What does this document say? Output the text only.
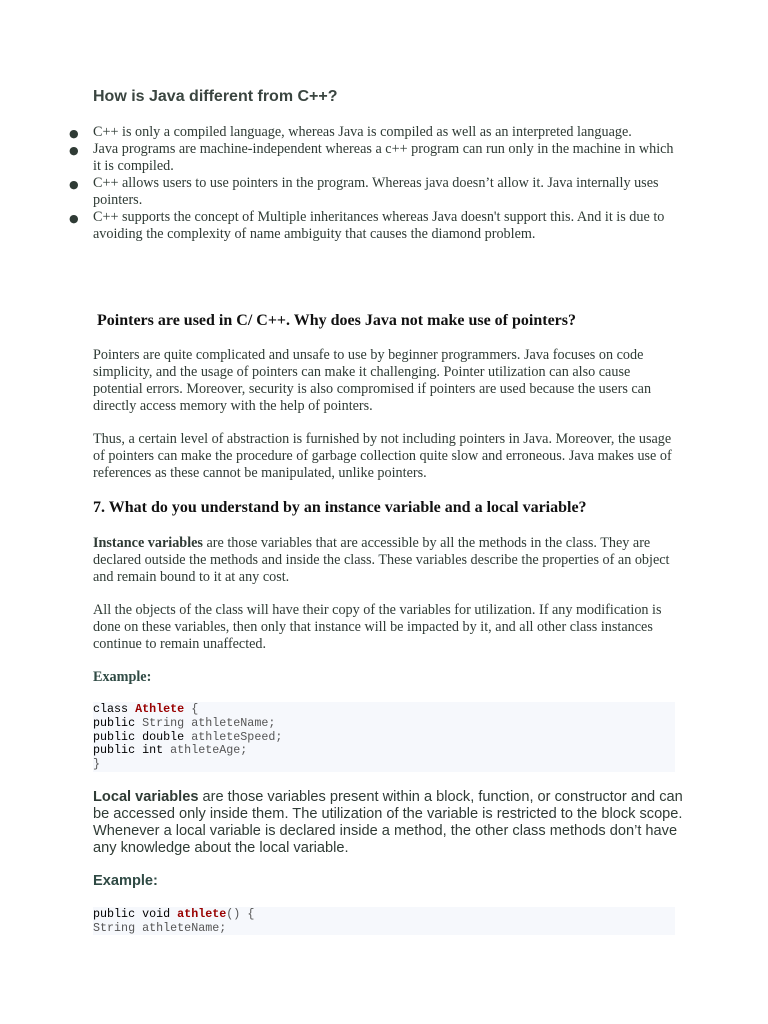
How is Java different from C++?
● C++ is only a compiled language, whereas Java is compiled as well as an interpreted language.
● Java programs are machine-independent whereas a c++ program can run only in the machine in which it is compiled.
● C++ allows users to use pointers in the program. Whereas java doesn’t allow it. Java internally uses pointers.
● C++ supports the concept of Multiple inheritances whereas Java doesn't support this. And it is due to avoiding the complexity of name ambiguity that causes the diamond problem.
Pointers are used in C/ C++. Why does Java not make use of pointers?

Pointers are quite complicated and unsafe to use by beginner programmers. Java focuses on code simplicity, and the usage of pointers can make it challenging. Pointer utilization can also cause potential errors. Moreover, security is also compromised if pointers are used because the users can directly access memory with the help of pointers.

Thus, a certain level of abstraction is furnished by not including pointers in Java. Moreover, the usage of pointers can make the procedure of garbage collection quite slow and erroneous. Java makes use of references as these cannot be manipulated, unlike pointers.

7. What do you understand by an instance variable and a local variable?

Instance variables are those variables that are accessible by all the methods in the class. They are declared outside the methods and inside the class. These variables describe the properties of an object and remain bound to it at any cost.

All the objects of the class will have their copy of the variables for utilization. If any modification is done on these variables, then only that instance will be impacted by it, and all other class instances continue to remain unaffected.

Example:
class Athlete {
public String athleteName;
public double athleteSpeed;
public int athleteAge;
}

Local variables are those variables present within a block, function, or constructor and can be accessed only inside them. The utilization of the variable is restricted to the block scope. Whenever a local variable is declared inside a method, the other class methods don’t have any knowledge about the local variable.

Example:
public void athlete() {
String athleteName;
